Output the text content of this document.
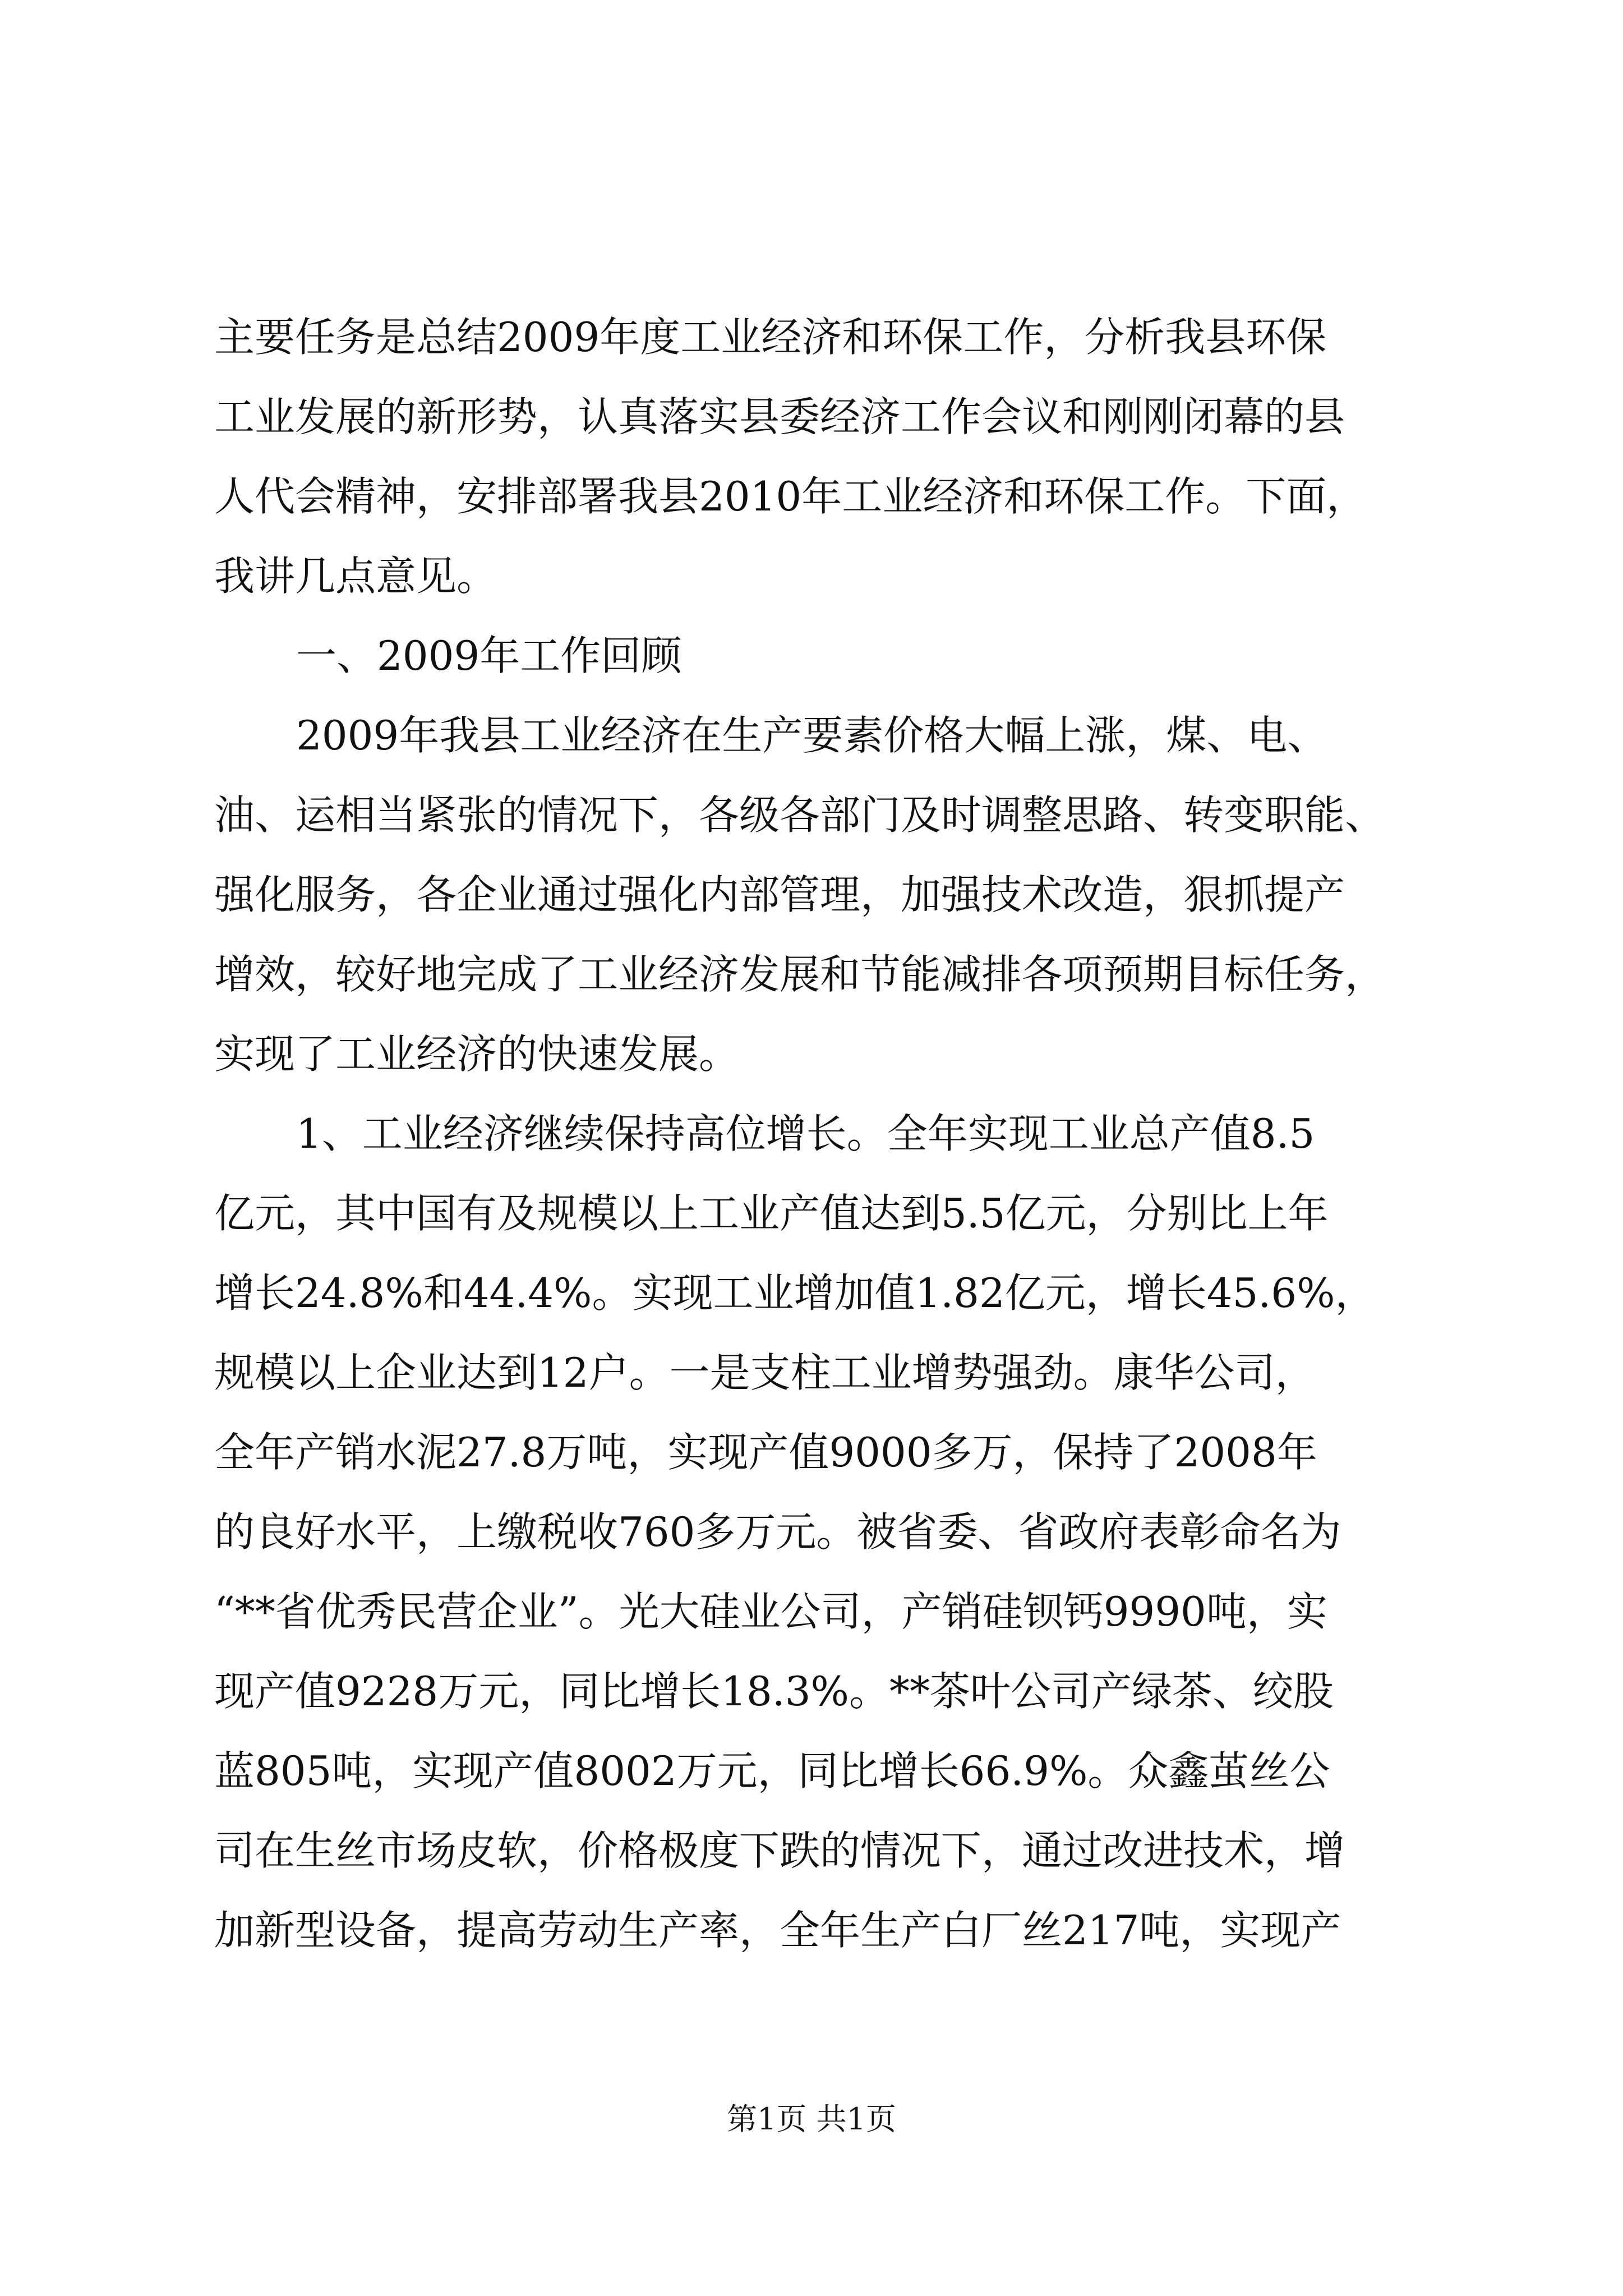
主要任务是总结2009年度工业经济和环保工作，分析我县环保
工业发展的新形势，认真落实县委经济工作会议和刚刚闭幕的县
人代会精神，安排部署我县2010年工业经济和环保工作。下面，
我讲几点意见。
一、2009年工作回顾
2009年我县工业经济在生产要素价格大幅上涨，煤、电、
油、运相当紧张的情况下，各级各部门及时调整思路、转变职能、
强化服务，各企业通过强化内部管理，加强技术改造，狠抓提产
增效，较好地完成了工业经济发展和节能减排各项预期目标任务，
实现了工业经济的快速发展。
1、工业经济继续保持高位增长。全年实现工业总产值8.5
亿元，其中国有及规模以上工业产值达到5.5亿元，分别比上年
增长24.8%和44.4%。实现工业增加值1.82亿元，增长45.6%，
规模以上企业达到12户。一是支柱工业增势强劲。康华公司，
全年产销水泥27.8万吨，实现产值9000多万，保持了2008年
的良好水平，上缴税收760多万元。被省委、省政府表彰命名为
“**省优秀民营企业”。光大硅业公司，产销硅钡钙9990吨，实
现产值9228万元，同比增长18.3%。**茶叶公司产绿茶、绞股
蓝805吨，实现产值8002万元，同比增长66.9%。众鑫茧丝公
司在生丝市场皮软，价格极度下跌的情况下，通过改进技术，增
加新型设备，提高劳动生产率，全年生产白厂丝217吨，实现产
第1页 共1页
